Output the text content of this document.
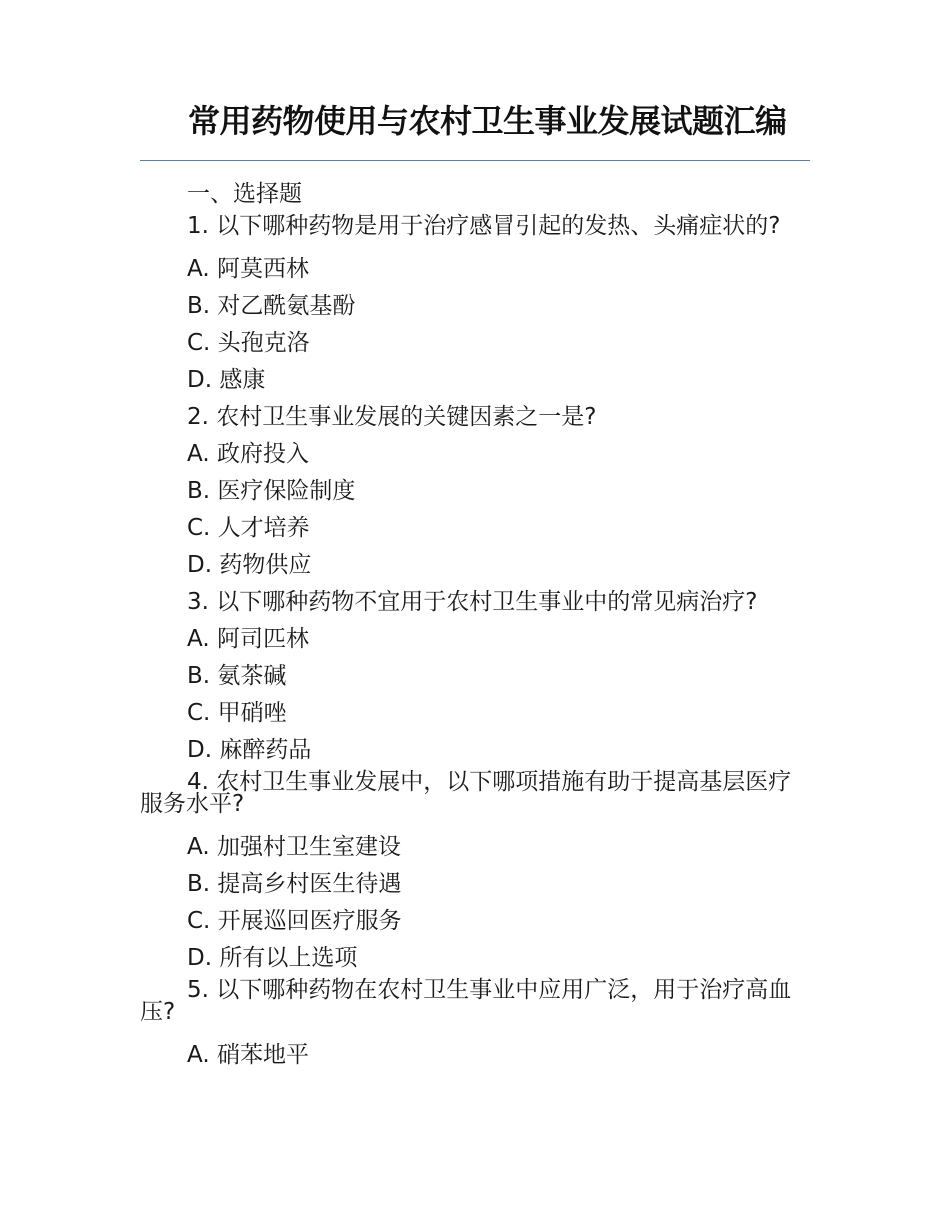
常用药物使用与农村卫生事业发展试题汇编
一、选择题
1. 以下哪种药物是用于治疗感冒引起的发热、头痛症状的?
A. 阿莫西林
B. 对乙酰氨基酚
C. 头孢克洛
D. 感康
2. 农村卫生事业发展的关键因素之一是?
A. 政府投入
B. 医疗保险制度
C. 人才培养
D. 药物供应
3. 以下哪种药物不宜用于农村卫生事业中的常见病治疗?
A. 阿司匹林
B. 氨茶碱
C. 甲硝唑
D. 麻醉药品
4. 农村卫生事业发展中，以下哪项措施有助于提高基层医疗服务水平?
A. 加强村卫生室建设
B. 提高乡村医生待遇
C. 开展巡回医疗服务
D. 所有以上选项
5. 以下哪种药物在农村卫生事业中应用广泛，用于治疗高血压?
A. 硝苯地平
